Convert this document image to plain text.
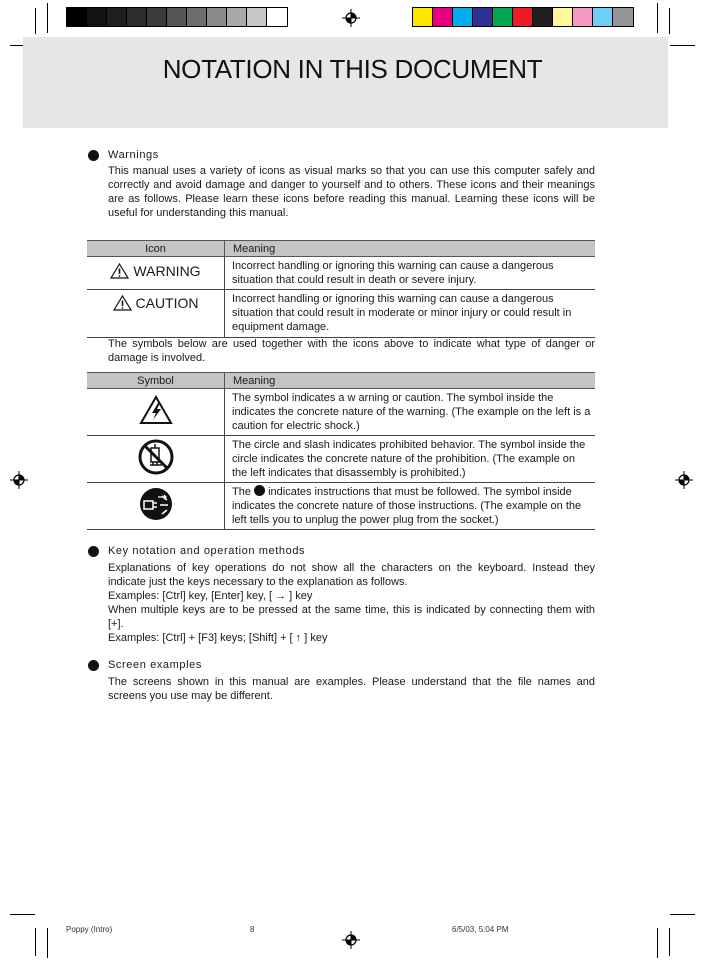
NOTATION IN THIS DOCUMENT
Warnings
This manual uses a variety of icons as visual marks so that you can use this computer safely and correctly and avoid damage and danger to yourself and to others. These icons and their meanings are as follows. Please learn these icons before reading this manual. Learning these icons will be useful for understanding this manual.
Icon	Meaning

WARNING	Incorrect handling or ignoring this warning can cause a dangerous situation that could result in death or severe injury.

CAUTION	Incorrect handling or ignoring this warning can cause a dangerous situation that could result in moderate or minor injury or could result in equipment damage.
The symbols below are used together with the icons above to indicate what type of danger or damage is involved.
Symbol	Meaning
	The symbol indicates a w arning or caution. The symbol inside the indicates the concrete nature of the warning. (The example on the left is a caution for electric shock.)
	The circle and slash indicates prohibited behavior. The symbol inside the circle indicates the concrete nature of the prohibition. (The example on the left indicates that disassembly is prohibited.)
	The  indicates instructions that must be followed. The symbol inside indicates the concrete nature of those instructions. (The example on the left tells you to unplug the power plug from the socket.)
Key notation and operation methods
Explanations of key operations do not show all the characters on the keyboard. Instead they indicate just the keys necessary to the explanation as follows.
Examples: [Ctrl] key, [Enter] key, [ → ] key
When multiple keys are to be pressed at the same time, this is indicated by connecting them with [+].
Examples: [Ctrl] + [F3] keys; [Shift] + [ ↑ ] key
Screen examples
The screens shown in this manual are examples. Please understand that the file names and screens you use may be different.
Poppy (Intro)	8	6/5/03, 5:04 PM
